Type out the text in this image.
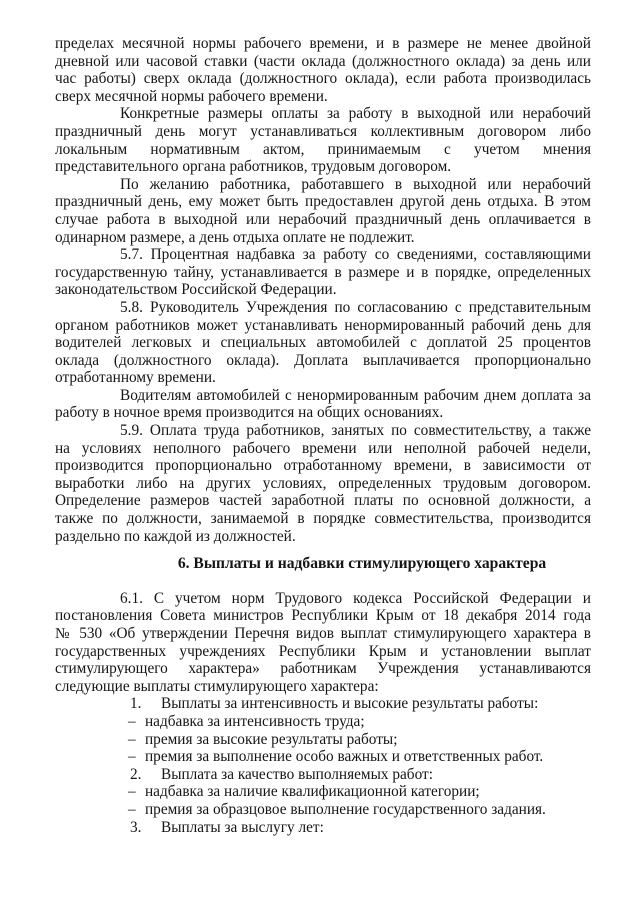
пределах месячной нормы рабочего времени, и в размере не менее двойной
дневной или часовой ставки (части оклада (должностного оклада) за день или
час работы) сверх оклада (должностного оклада), если работа производилась
сверх месячной нормы рабочего времени.
Конкретные размеры оплаты за работу в выходной или нерабочий
праздничный день могут устанавливаться коллективным договором либо
локальным нормативным актом, принимаемым с учетом мнения
представительного органа работников, трудовым договором.
По желанию работника, работавшего в выходной или нерабочий
праздничный день, ему может быть предоставлен другой день отдыха. В этом
случае работа в выходной или нерабочий праздничный день оплачивается в
одинарном размере, а день отдыха оплате не подлежит.
5.7. Процентная надбавка за работу со сведениями, составляющими
государственную тайну, устанавливается в размере и в порядке, определенных
законодательством Российской Федерации.
5.8. Руководитель Учреждения по согласованию с представительным
органом работников может устанавливать ненормированный рабочий день для
водителей легковых и специальных автомобилей с доплатой 25 процентов
оклада (должностного оклада). Доплата выплачивается пропорционально
отработанному времени.
Водителям автомобилей с ненормированным рабочим днем доплата за
работу в ночное время производится на общих основаниях.
5.9. Оплата труда работников, занятых по совместительству, а также
на условиях неполного рабочего времени или неполной рабочей недели,
производится пропорционально отработанному времени, в зависимости от
выработки либо на других условиях, определенных трудовым договором.
Определение размеров частей заработной платы по основной должности, а
также по должности, занимаемой в порядке совместительства, производится
раздельно по каждой из должностей.
6. Выплаты и надбавки стимулирующего характера
6.1. С учетом норм Трудового кодекса Российской Федерации и
постановления Совета министров Республики Крым от 18 декабря 2014 года
№ 530 «Об утверждении Перечня видов выплат стимулирующего характера в
государственных учреждениях Республики Крым и установлении выплат
стимулирующего характера» работникам Учреждения устанавливаются
следующие выплаты стимулирующего характера:
1. Выплаты за интенсивность и высокие результаты работы:
– надбавка за интенсивность труда;
– премия за высокие результаты работы;
– премия за выполнение особо важных и ответственных работ.
2. Выплата за качество выполняемых работ:
– надбавка за наличие квалификационной категории;
– премия за образцовое выполнение государственного задания.
3. Выплаты за выслугу лет:
